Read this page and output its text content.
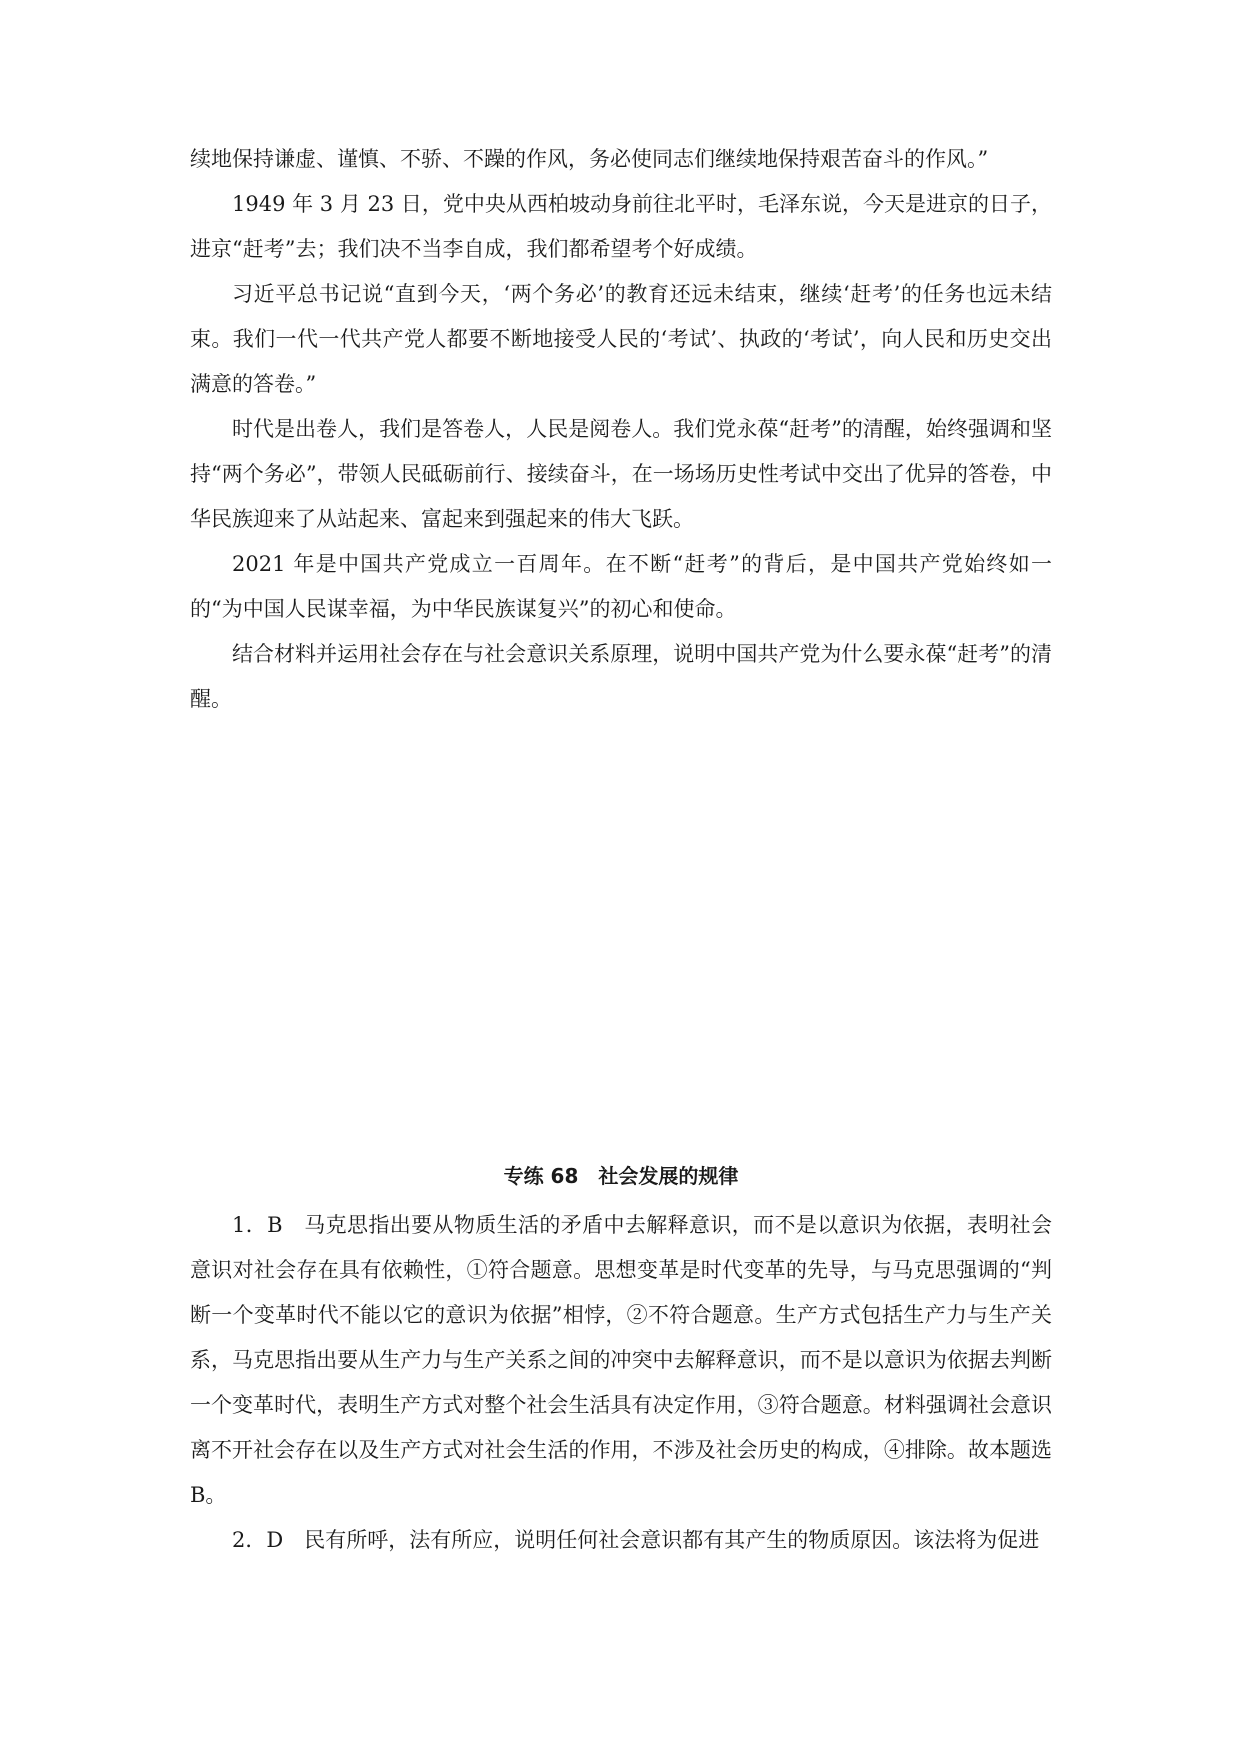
续地保持谦虚、谨慎、不骄、不躁的作风，务必使同志们继续地保持艰苦奋斗的作风。”

1949 年 3 月 23 日，党中央从西柏坡动身前往北平时，毛泽东说，今天是进京的日子，进京“赶考”去；我们决不当李自成，我们都希望考个好成绩。

习近平总书记说“直到今天，‘两个务必’的教育还远未结束，继续‘赶考’的任务也远未结束。我们一代一代共产党人都要不断地接受人民的‘考试’、执政的‘考试’，向人民和历史交出满意的答卷。”

时代是出卷人，我们是答卷人，人民是阅卷人。我们党永葆“赶考”的清醒，始终强调和坚持“两个务必”，带领人民砥砺前行、接续奋斗，在一场场历史性考试中交出了优异的答卷，中华民族迎来了从站起来、富起来到强起来的伟大飞跃。

2021 年是中国共产党成立一百周年。在不断“赶考”的背后，是中国共产党始终如一的“为中国人民谋幸福，为中华民族谋复兴”的初心和使命。

结合材料并运用社会存在与社会意识关系原理，说明中国共产党为什么要永葆“赶考”的清醒。

专练 68　社会发展的规律

1．B　马克思指出要从物质生活的矛盾中去解释意识，而不是以意识为依据，表明社会意识对社会存在具有依赖性，①符合题意。思想变革是时代变革的先导，与马克思强调的“判断一个变革时代不能以它的意识为依据”相悖，②不符合题意。生产方式包括生产力与生产关系，马克思指出要从生产力与生产关系之间的冲突中去解释意识，而不是以意识为依据去判断一个变革时代，表明生产方式对整个社会生活具有决定作用，③符合题意。材料强调社会意识离不开社会存在以及生产方式对社会生活的作用，不涉及社会历史的构成，④排除。故本题选 B。

2．D　民有所呼，法有所应，说明任何社会意识都有其产生的物质原因。该法将为促进
